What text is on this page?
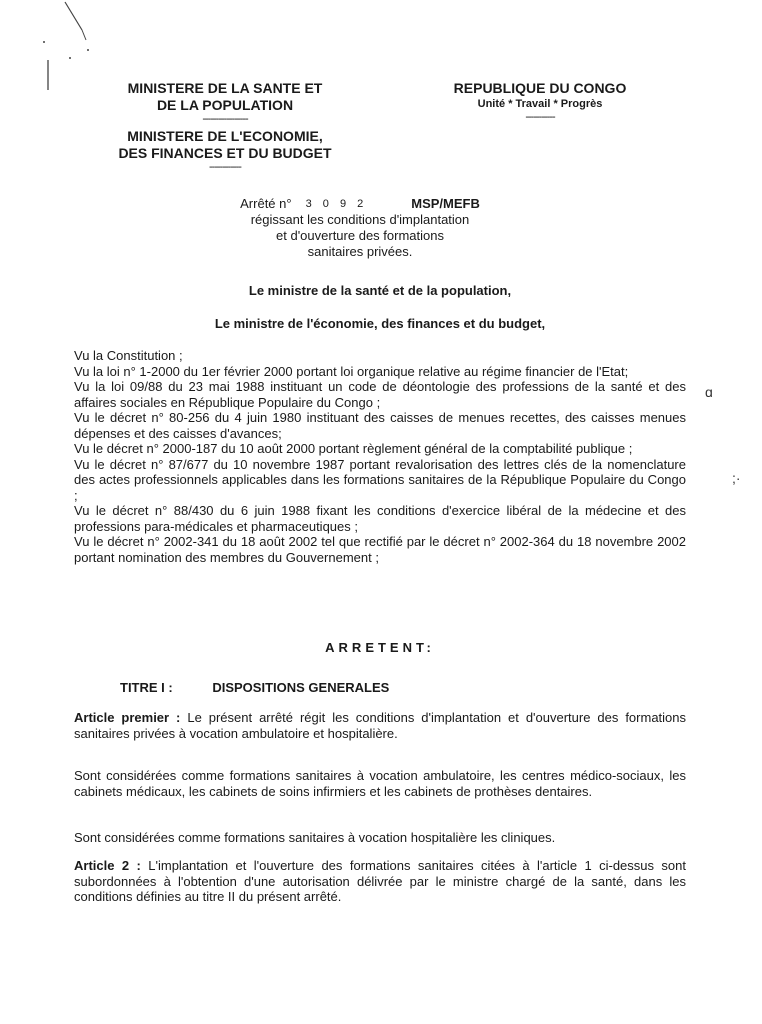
ɑ
;·
MINISTERE DE LA SANTE ET
DE LA POPULATION
-----------------
MINISTERE DE L'ECONOMIE,
DES FINANCES ET DU BUDGET
------------
REPUBLIQUE DU CONGO
Unité * Travail * Progrès
-----------
Arrêté n° 3 0 9 2	MSP/MEFB
régissant les conditions d'implantation
et d'ouverture des formations
sanitaires privées.
Le ministre de la santé et de la population,
Le ministre de l'économie, des finances et du budget,

Vu la Constitution ;

Vu la loi n° 1-2000 du 1er février 2000 portant loi organique relative au régime financier de l'Etat;

Vu la loi 09/88 du 23 mai 1988 instituant un code de déontologie des professions de la santé et des affaires sociales en République Populaire du Congo ;

Vu le décret n° 80-256 du 4 juin 1980 instituant des caisses de menues recettes, des caisses menues dépenses et des caisses d'avances;

Vu le décret n° 2000-187 du 10 août 2000 portant règlement général de la comptabilité publique ;

Vu le décret n° 87/677 du 10 novembre 1987 portant revalorisation des lettres clés de la nomenclature des actes professionnels applicables dans les formations sanitaires de la République Populaire du Congo ;

Vu le décret n° 88/430 du 6 juin 1988 fixant les conditions d'exercice libéral de la médecine et des professions para-médicales et pharmaceutiques ;

Vu le décret n° 2002-341 du 18 août 2002 tel que rectifié par le décret n° 2002-364 du 18 novembre 2002 portant nomination des membres du Gouvernement ;

ARRETENT:
TITRE I :	DISPOSITIONS GENERALES

Article premier : Le présent arrêté régit les conditions d'implantation et d'ouverture des formations sanitaires privées à vocation ambulatoire et hospitalière.

Sont considérées comme formations sanitaires à vocation ambulatoire, les centres médico-sociaux, les cabinets médicaux, les cabinets de soins infirmiers et les cabinets de prothèses dentaires.

Sont considérées comme formations sanitaires à vocation hospitalière les cliniques.

Article 2 : L'implantation et l'ouverture des formations sanitaires citées à l'article 1 ci-dessus sont subordonnées à l'obtention d'une autorisation délivrée par le ministre chargé de la santé, dans les conditions définies au titre II du présent arrêté.
